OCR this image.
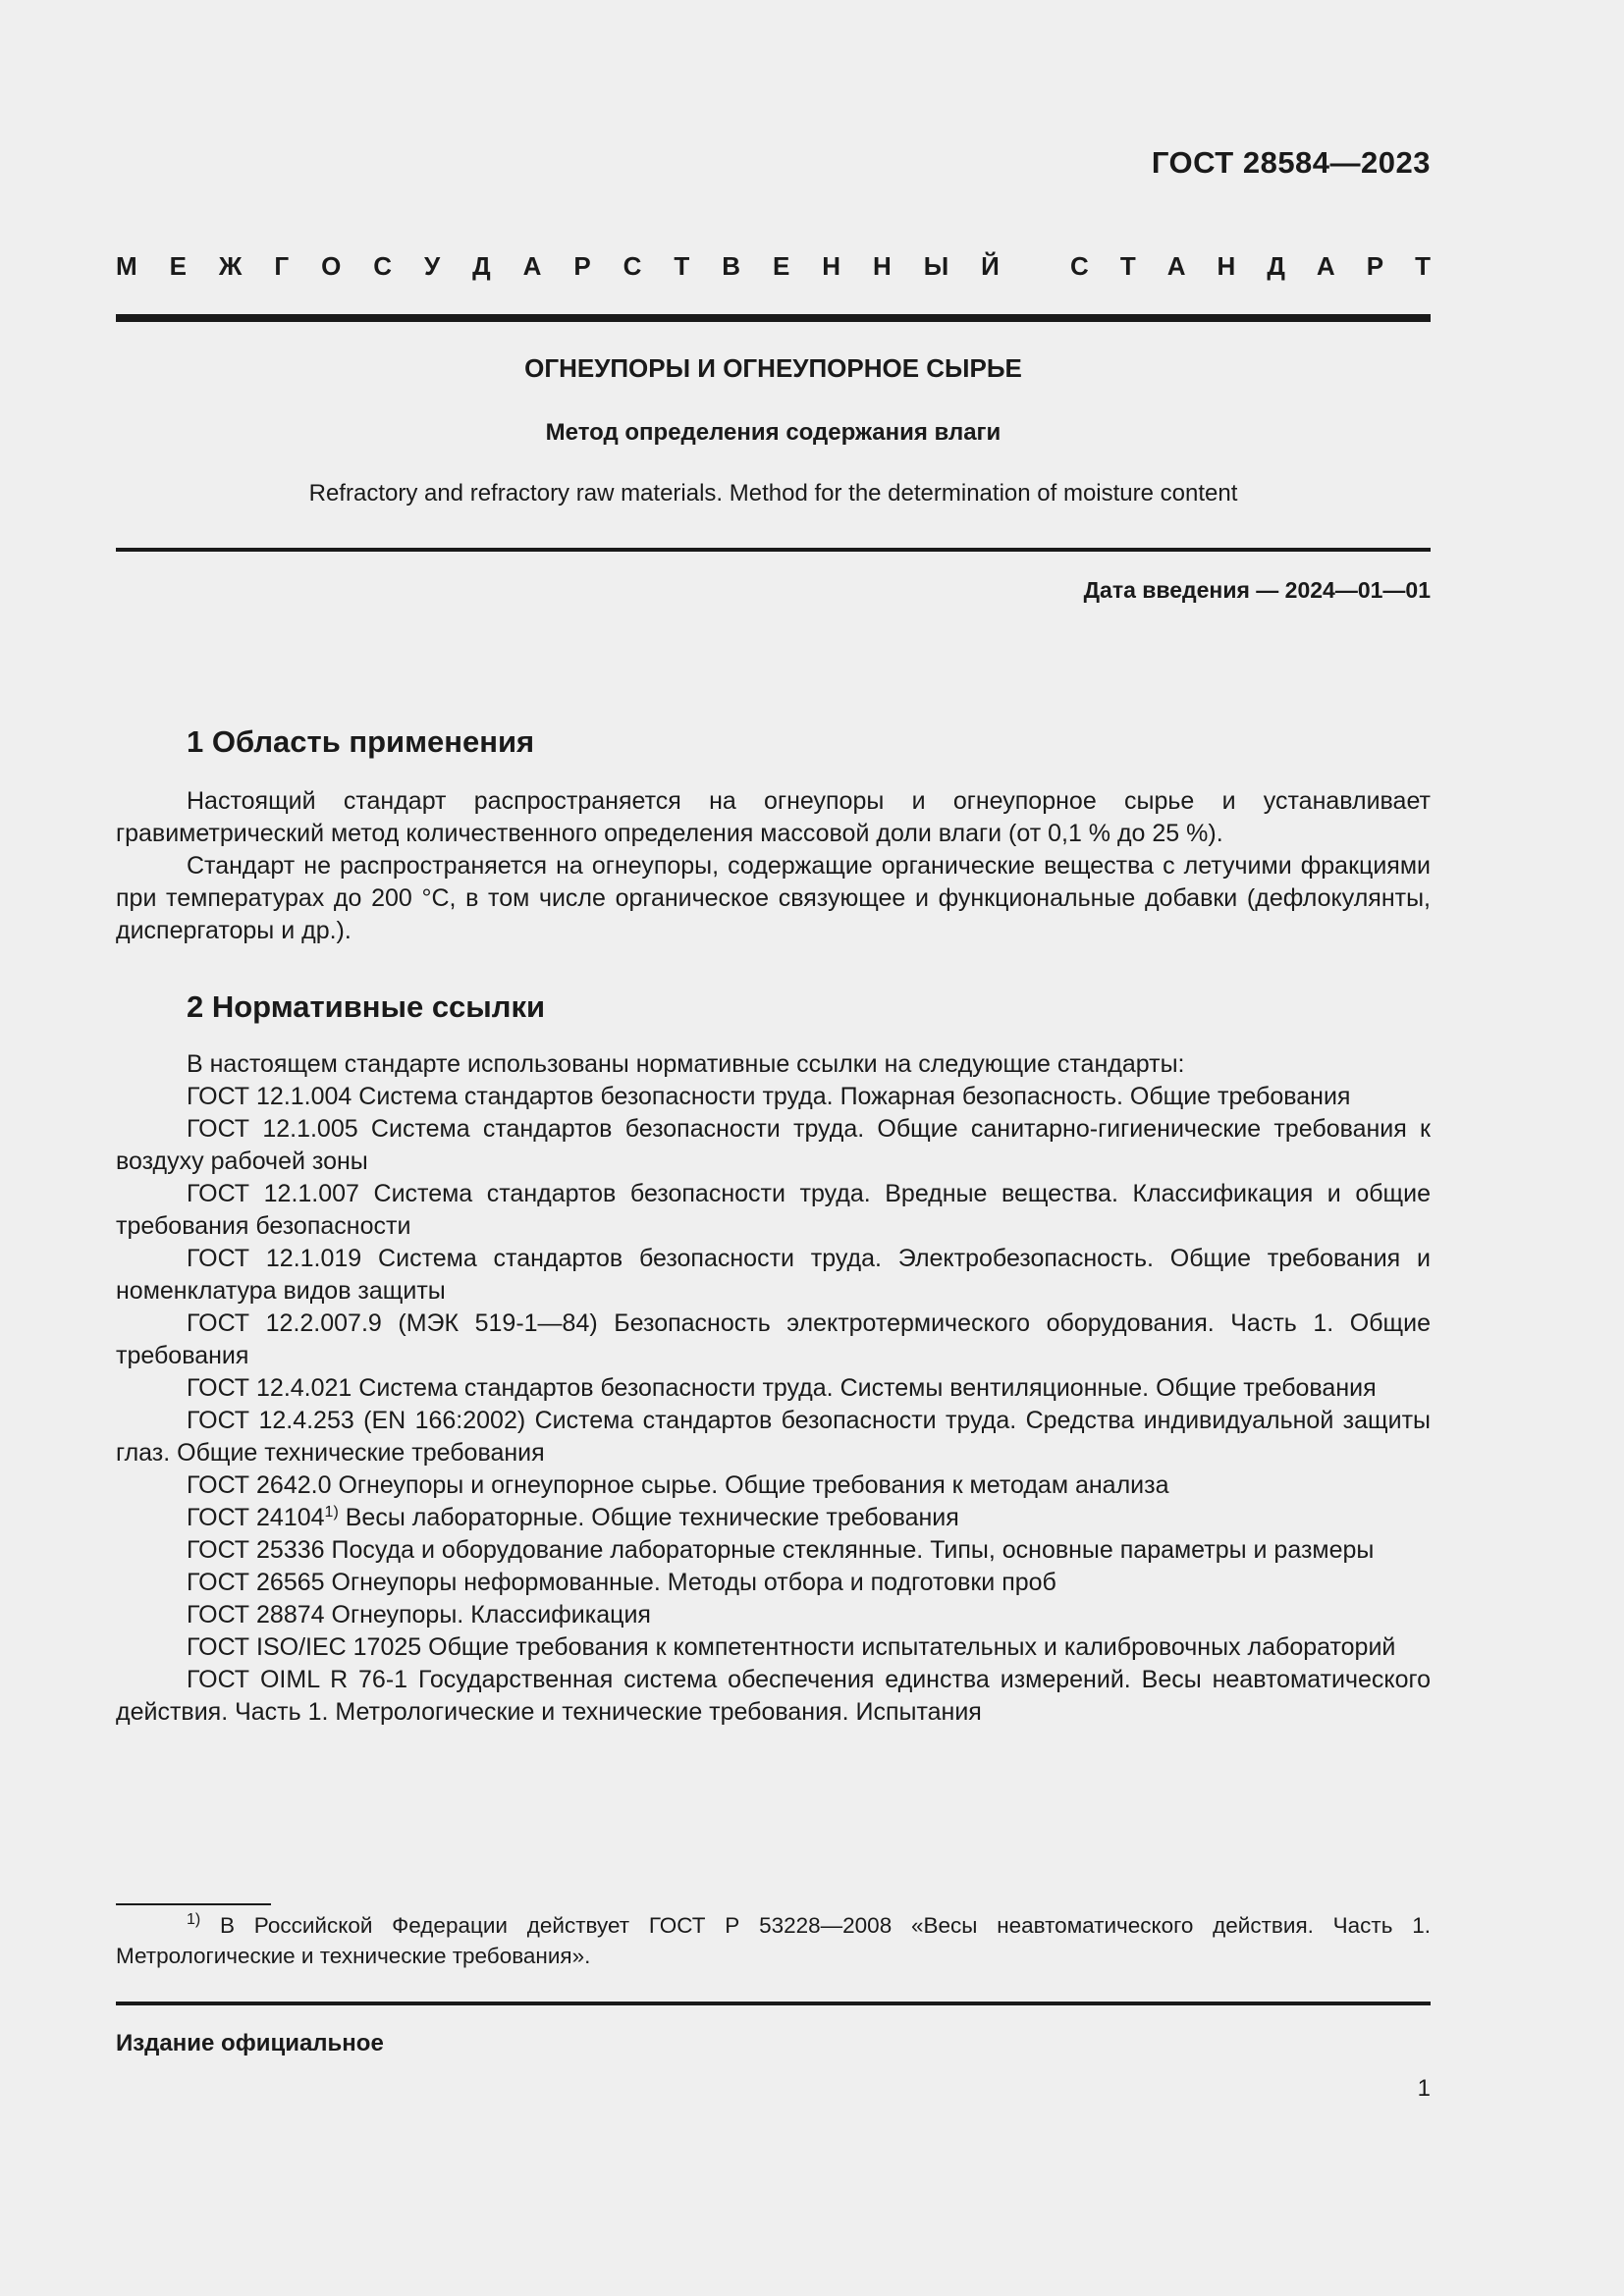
ГОСТ 28584—2023
М Е Ж Г О С У Д А Р С Т В Е Н Н Ы Й	С Т А Н Д А Р Т
ОГНЕУПОРЫ И ОГНЕУПОРНОЕ СЫРЬЕ
Метод определения содержания влаги
Refractory and refractory raw materials. Method for the determination of moisture content
Дата введения — 2024—01—01
1 Область применения

Настоящий стандарт распространяется на огнеупоры и огнеупорное сырье и устанавливает гравиметрический метод количественного определения массовой доли влаги (от 0,1 % до 25 %).

Стандарт не распространяется на огнеупоры, содержащие органические вещества с летучими фракциями при температурах до 200 °С, в том числе органическое связующее и функциональные добавки (дефлокулянты, диспергаторы и др.).

2 Нормативные ссылки

В настоящем стандарте использованы нормативные ссылки на следующие стандарты:

ГОСТ 12.1.004 Система стандартов безопасности труда. Пожарная безопасность. Общие требования

ГОСТ 12.1.005 Система стандартов безопасности труда. Общие санитарно-гигиенические требования к воздуху рабочей зоны

ГОСТ 12.1.007 Система стандартов безопасности труда. Вредные вещества. Классификация и общие требования безопасности

ГОСТ 12.1.019 Система стандартов безопасности труда. Электробезопасность. Общие требования и номенклатура видов защиты

ГОСТ 12.2.007.9 (МЭК 519-1—84) Безопасность электротермического оборудования. Часть 1. Общие требования

ГОСТ 12.4.021 Система стандартов безопасности труда. Системы вентиляционные. Общие требования

ГОСТ 12.4.253 (EN 166:2002) Система стандартов безопасности труда. Средства индивидуальной защиты глаз. Общие технические требования

ГОСТ 2642.0 Огнеупоры и огнеупорное сырье. Общие требования к методам анализа

ГОСТ 24104$^{1)}$ Весы лабораторные. Общие технические требования

ГОСТ 25336 Посуда и оборудование лабораторные стеклянные. Типы, основные параметры и размеры

ГОСТ 26565 Огнеупоры неформованные. Методы отбора и подготовки проб

ГОСТ 28874 Огнеупоры. Классификация

ГОСТ ISO/IEC 17025 Общие требования к компетентности испытательных и калибровочных лабораторий

ГОСТ OIML R 76-1 Государственная система обеспечения единства измерений. Весы неавтоматического действия. Часть 1. Метрологические и технические требования. Испытания

$^{1)}$ В Российской Федерации действует ГОСТ Р 53228—2008 «Весы неавтоматического действия. Часть 1. Метрологические и технические требования».

Издание официальное
1
